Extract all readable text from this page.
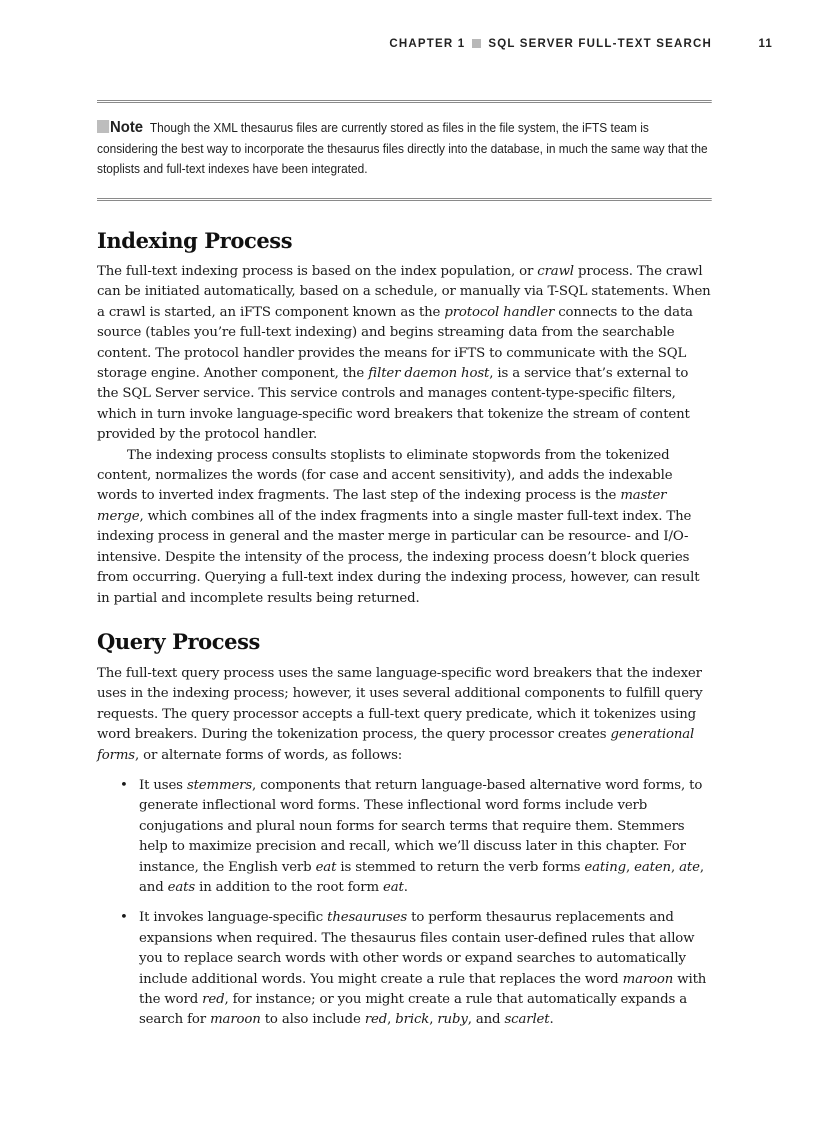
CHAPTER 1 SQL SERVER FULL-TEXT SEARCH	11
Note Though the XML thesaurus files are currently stored as files in the file system, the iFTS team is considering the best way to incorporate the thesaurus files directly into the database, in much the same way that the stoplists and full-text indexes have been integrated.
Indexing Process

The full-text indexing process is based on the index population, or crawl process. The crawl can be initiated automatically, based on a schedule, or manually via T-SQL statements. When a crawl is started, an iFTS component known as the protocol handler connects to the data source (tables you’re full-text indexing) and begins streaming data from the searchable content. The protocol handler provides the means for iFTS to communicate with the SQL storage engine. Another component, the filter daemon host, is a service that’s external to the SQL Server service. This service controls and manages content-type-specific filters, which in turn invoke language-specific word breakers that tokenize the stream of content provided by the protocol handler.

The indexing process consults stoplists to eliminate stopwords from the tokenized content, normalizes the words (for case and accent sensitivity), and adds the indexable words to inverted index fragments. The last step of the indexing process is the master merge, which combines all of the index fragments into a single master full-text index. The indexing process in general and the master merge in particular can be resource- and I/O-intensive. Despite the intensity of the process, the indexing process doesn’t block queries from occurring. Querying a full-text index during the indexing process, however, can result in partial and incomplete results being returned.

Query Process

The full-text query process uses the same language-specific word breakers that the indexer uses in the indexing process; however, it uses several additional components to fulfill query requests. The query processor accepts a full-text query predicate, which it tokenizes using word breakers. During the tokenization process, the query processor creates generational forms, or alternate forms of words, as follows:

• It uses stemmers, components that return language-based alternative word forms, to generate inflectional word forms. These inflectional word forms include verb conjugations and plural noun forms for search terms that require them. Stemmers help to maximize precision and recall, which we’ll discuss later in this chapter. For instance, the English verb eat is stemmed to return the verb forms eating, eaten, ate, and eats in addition to the root form eat.
• It invokes language-specific thesauruses to perform thesaurus replacements and expansions when required. The thesaurus files contain user-defined rules that allow you to replace search words with other words or expand searches to automatically include additional words. You might create a rule that replaces the word maroon with the word red, for instance; or you might create a rule that automatically expands a search for maroon to also include red, brick, ruby, and scarlet.
